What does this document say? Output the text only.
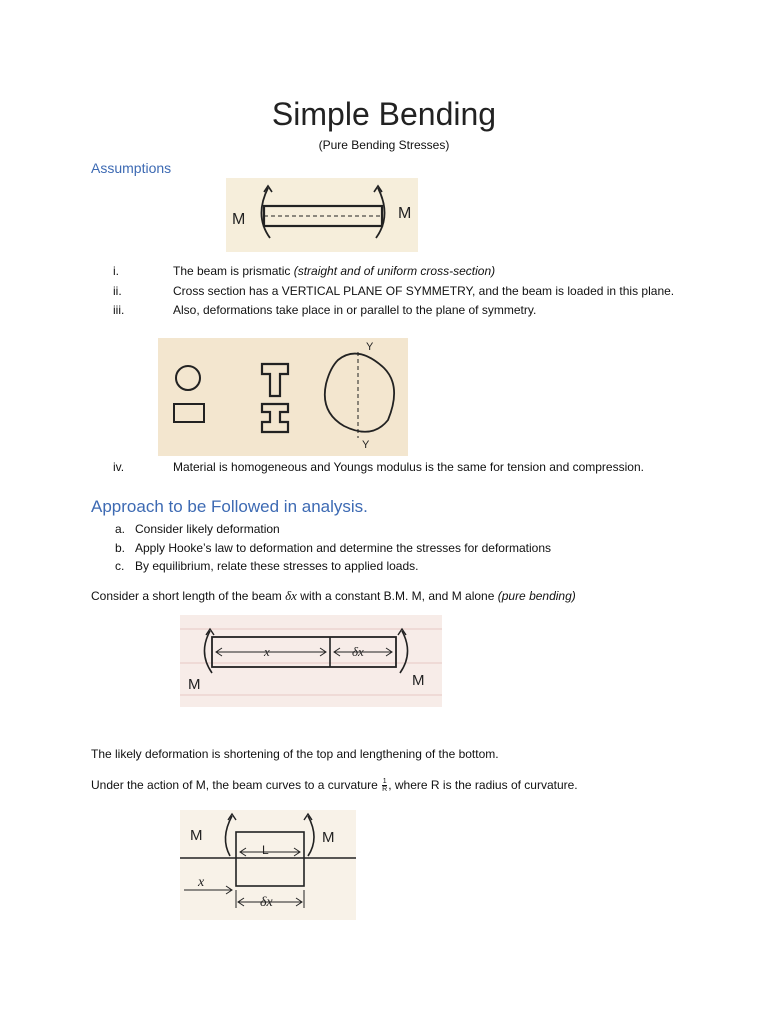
Simple Bending
(Pure Bending Stresses)
Assumptions
M	M
i.	The beam is prismatic (straight and of uniform cross-section)
ii.	Cross section has a VERTICAL PLANE OF SYMMETRY, and the beam is loaded in this plane.
iii.	Also, deformations take place in or parallel to the plane of symmetry.
Y
Y
iv.	Material is homogeneous and Youngs modulus is the same for tension and compression.
Approach to be Followed in analysis.
a. Consider likely deformation
b. Apply Hooke’s law to deformation and determine the stresses for deformations
c. By equilibrium, relate these stresses to applied loads.
Consider a short length of the beam δx with a constant B.M. M, and M alone (pure bending)
x	δx
M	M
The likely deformation is shortening of the top and lengthening of the bottom.
Under the action of M, the beam curves to a curvature $\frac{1}{R}$ , where R is the radius of curvature.
L
x
δx
M	M
